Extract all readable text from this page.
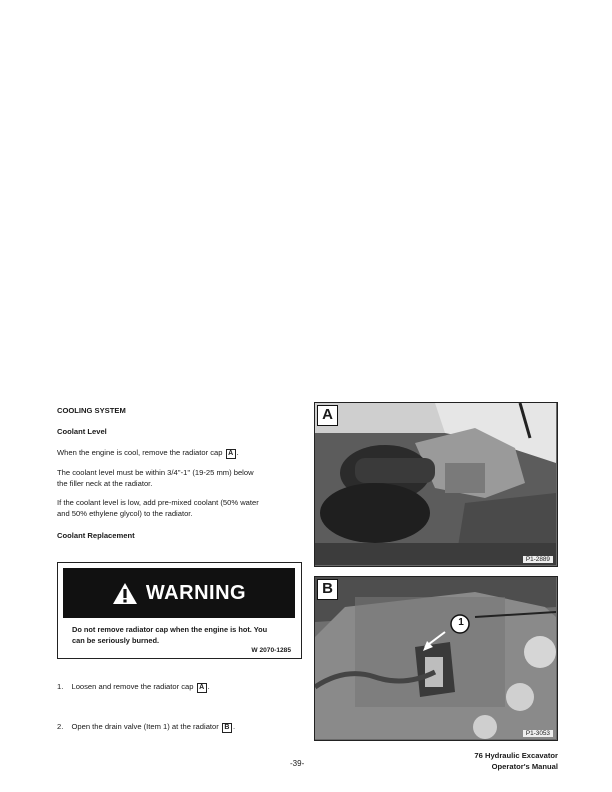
COOLING SYSTEM
Coolant Level
When the engine is cool, remove the radiator cap A .
The coolant level must be within 3/4''-1'' (19-25 mm) below
the filler neck at the radiator.
If the coolant level is low, add pre-mixed coolant (50% water
and 50% ethylene glycol) to the radiator.
Coolant Replacement
WARNING
Do not remove radiator cap when the engine is hot. You
can be seriously burned.
W 2070-1285
1. Loosen and remove the radiator cap A .
2. Open the drain valve (Item 1) at the radiator B .
A
P1-2889
B
1
P1-3053
-39-
76 Hydraulic Excavator
Operator's Manual
